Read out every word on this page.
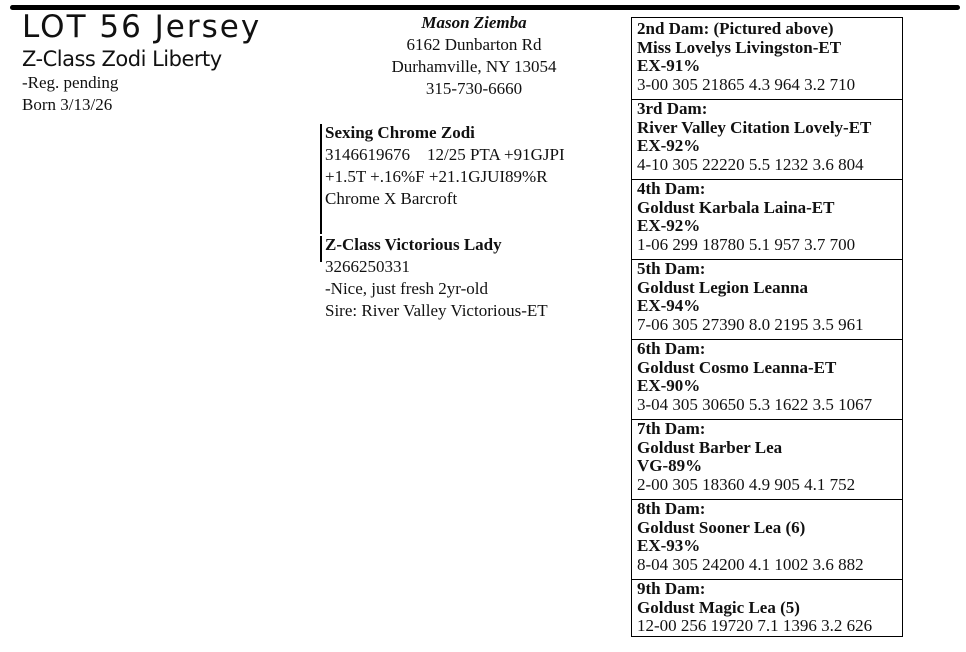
LOT 56 Jersey
Z-Class Zodi Liberty
-Reg. pending
Born 3/13/26
Mason Ziemba
6162 Dunbarton Rd
Durhamville, NY 13054
315-730-6660
Sexing Chrome Zodi
3146619676    12/25 PTA +91GJPI
+1.5T +.16%F +21.1GJUI89%R
Chrome X Barcroft
Z-Class Victorious Lady
3266250331
-Nice, just fresh 2yr-old
Sire: River Valley Victorious-ET
2nd Dam: (Pictured above)
Miss Lovelys Livingston-ET
EX-91%
3-00 305 21865 4.3 964 3.2 710
3rd Dam:
River Valley Citation Lovely-ET
EX-92%
4-10 305 22220 5.5 1232 3.6 804
4th Dam:
Goldust Karbala Laina-ET
EX-92%
1-06 299 18780 5.1 957 3.7 700
5th Dam:
Goldust Legion Leanna
EX-94%
7-06 305 27390 8.0 2195 3.5 961
6th Dam:
Goldust Cosmo Leanna-ET
EX-90%
3-04 305 30650 5.3 1622 3.5 1067
7th Dam:
Goldust Barber Lea
VG-89%
2-00 305 18360 4.9 905 4.1 752
8th Dam:
Goldust Sooner Lea (6)
EX-93%
8-04 305 24200 4.1 1002 3.6 882
9th Dam:
Goldust Magic Lea (5)
12-00 256 19720 7.1 1396 3.2 626
